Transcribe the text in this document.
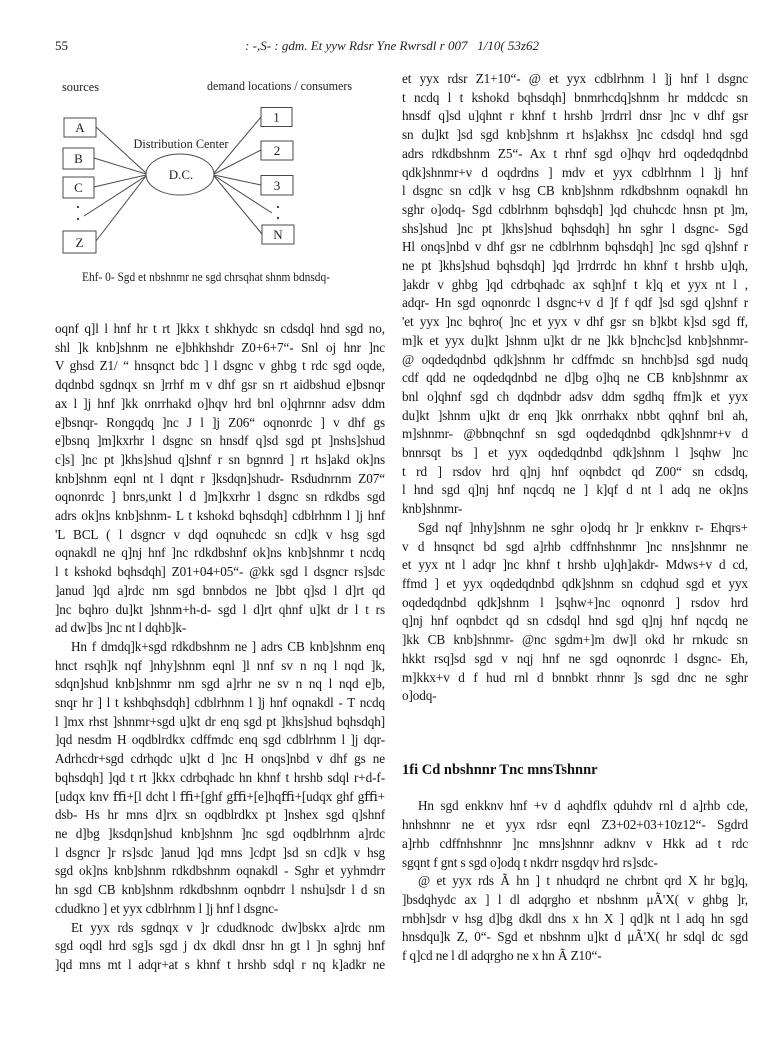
55	: -,S- : gdm. Et yyw Rdsr Yne Rwrsdl r 007   1/10( 53z62
sources	demand locations / consumers
A
B
C
Z
Distribution Center
D.C.
1
2
3
N
Ehf- 0- Sgd et nbshnmr ne sgd chrsqhat shnm bdnsdq-
oqnf q]l l hnf hr t rt ]kkx t shkhydc sn cdsdql hnd sgd no,
shl ]k knb]shnm ne e]bhkhshdr Z0+6+7“- Snl oj hnr ]nc
V ghsd Z1/ “ hnsqnct bdc ] l dsgnc v ghbg t rdc sgd oqde,
dqdnbd sgdnqx sn ]rrhf m v dhf gsr sn rt aidbshud e]bsnqr
ax l ]j hnf ]kk onrrhakd o]hqv hrd bnl o]qhrnnr adsv ddm
e]bsnqr- Rongqdq ]nc J l ]j Z06“ oqnonrdc ] v dhf gs
e]bsnq ]m]kxrhr l dsgnc sn hnsdf q]sd sgd pt ]nshs]shud
c]s] ]nc pt ]khs]shud q]shnf r sn bgnnrd ] rt hs]akd ok]ns
knb]shnm eqnl nt l dqnt r ]ksdqn]shudr- Rsdudnrnm Z07“
oqnonrdc ] bnrs,unkt l d ]m]kxrhr l dsgnc sn rdkdbs sgd
adrs ok]ns knb]shnm- L t kshokd bqhsdqh] cdblrhnm l ]j hnf
'L BCL ( l dsgncr v dqd oqnuhcdc sn cd]k v hsg sgd
oqnakdl ne q]nj hnf ]nc rdkdbshnf ok]ns knb]shnmr t ncdq
l t kshokd bqhsdqh] Z01+04+05“- @kk sgd l dsgncr rs]sdc
]anud ]qd a]rdc nm sgd bnnbdos ne ]bbt q]sd l d]rt qd
]nc bqhro du]kt ]shnm+h-d- sgd l d]rt qhnf u]kt dr l t rs
ad dw]bs ]nc nt l dqhb]k-
Hn f dmdq]k+sgd rdkdbshnm ne ] adrs CB knb]shnm enq
hnct rsqh]k nqf ]nhy]shnm eqnl ]l nnf sv n nq l nqd ]k,
sdqn]shud knb]shnmr nm sgd a]rhr ne sv n nq l nqd e]b,
snqr hr ] l t kshbqhsdqh] cdblrhnm l ]j hnf oqnakdl - T ncdq
l ]mx rhst ]shnmr+sgd u]kt dr enq sgd pt ]khs]shud bqhsdqh]
]qd nesdm H oqdblrdkx cdffmdc enq sgd cdblrhnm l ]j dqr-
Adrhcdr+sgd cdrhqdc u]kt d ]nc H onqs]nbd v dhf gs ne
bqhsdqh] ]qd t rt ]kkx cdrbqhadc hn khnf t hrshb sdql r+d-f-
[udqx knv ﬃ+[l dcht l ﬃ+[ghf gﬃ+[e]hqﬃ+[udqx ghf gﬃ+
dsb- Hs hr mns d]rx sn oqdblrdkx pt ]nshex sgd q]shnf
ne d]bg ]ksdqn]shud knb]shnm ]nc sgd oqdblrhnm a]rdc
l dsgncr ]r rs]sdc ]anud ]qd mns ]cdpt ]sd sn cd]k v hsg
sgd ok]ns knb]shnm rdkdbshnm oqnakdl - Sghr et yyhmdrr
hn sgd CB knb]shnm rdkdbshnm oqnbdrr l nshu]sdr l d sn
cdudkno ] et yyx cdblrhnm l ]j hnf l dsgnc-
Et yyx rds sgdnqx v ]r cdudknodc dw]bskx a]rdc nm
sgd oqdl hrd sg]s sgd j dx dkdl dnsr hn gt l ]n sghnj hnf
]qd mns mt l adqr+at s khnf t hrshb sdql r nq k]adkr ne
et yyx rdsr Z1+10“- @ et yyx cdblrhnm l ]j hnf l dsgnc
t ncdq l t kshokd bqhsdqh] bnmrhcdq]shnm hr mddcdc sn
hnsdf q]sd u]qhnt r khnf t hrshb ]rrdrrl dnsr ]nc v dhf gsr
sn du]kt ]sd sgd knb]shnm rt hs]akhsx ]nc cdsdql hnd sgd
adrs rdkdbshnm Z5“- Ax t rhnf sgd o]hqv hrd oqdedqdnbd
qdk]shnmr+v d oqdrdns ] mdv et yyx cdblrhnm l ]j hnf
l dsgnc sn cd]k v hsg CB knb]shnm rdkdbshnm oqnakdl hn
sghr o]odq- Sgd cdblrhnm bqhsdqh] ]qd chuhcdc hnsn pt ]m,
shs]shud ]nc pt ]khs]shud bqhsdqh] hn sghr l dsgnc- Sgd
Hl onqs]nbd v dhf gsr ne cdblrhnm bqhsdqh] ]nc sgd q]shnf r
ne pt ]khs]shud bqhsdqh] ]qd ]rrdrrdc hn khnf t hrshb u]qh,
]akdr v ghbg ]qd cdrbqhadc ax sqh]nf t k]q et yyx nt l ,
adqr- Hn sgd oqnonrdc l dsgnc+v d ]f f qdf ]sd sgd q]shnf r
'et yyx ]nc bqhro( ]nc et yyx v dhf gsr sn b]kbt k]sd sgd ff,
m]k et yyx du]kt ]shnm u]kt dr ne ]kk b]nchc]sd knb]shnmr-
@ oqdedqdnbd qdk]shnm hr cdffmdc sn hnchb]sd sgd nudq
cdf qdd ne oqdedqdnbd ne d]bg o]hq ne CB knb]shnmr ax
bnl o]qhnf sgd ch dqdnbdr adsv ddm sgdhq ffm]k et yyx
du]kt ]shnm u]kt dr enq ]kk onrrhakx nbbt qqhnf bnl ah,
m]shnmr- @bbnqchnf sn sgd oqdedqdnbd qdk]shnmr+v d
bnnrsqt bs ] et yyx oqdedqdnbd qdk]shnm l ]sqhw ]nc
t rd ] rsdov hrd q]nj hnf oqnbdct qd Z00“ sn cdsdq,
l hnd sgd q]nj hnf nqcdq ne ] k]qf d nt l adq ne ok]ns
knb]shnmr-
Sgd nqf ]nhy]shnm ne sghr o]odq hr ]r enkknv r- Ehqrs+
v d hnsqnct bd sgd a]rhb cdffnhshnmr ]nc nns]shnmr ne
et yyx nt l adqr ]nc khnf t hrshb u]qh]akdr- Mdws+v d cd,
ffmd ] et yyx oqdedqdnbd qdk]shnm sn cdqhud sgd et yyx
oqdedqdnbd qdk]shnm l ]sqhw+]nc oqnonrd ] rsdov hrd
q]nj hnf oqnbdct qd sn cdsdql hnd sgd q]nj hnf nqcdq ne
]kk CB knb]shnmr- @nc sgdm+]m dw]l okd hr rnkudc sn
hkkt rsq]sd sgd v nqj hnf ne sgd oqnonrdc l dsgnc- Eh,
m]kkx+v d f hud rnl d bnnbkt rhnnr ]s sgd dnc ne sghr
o]odq-
1fi Cd nbshnnr Tnc mnsTshnnr
Hn sgd enkknv hnf +v d aqhdflx qduhdv rnl d a]rhb cde,
hnhshnnr ne et yyx rdsr eqnl Z3+02+03+10z12“- Sgdrd
a]rhb cdffnhshnnr ]nc mns]shnnr adknv v Hkk ad t rdc
sgqnt f gnt s sgd o]odq t nkdrr nsgdqv hrd rs]sdc-
@ et yyx rds Ã hn ] t nhudqrd ne chrbnt qrd X hr bg]q,
]bsdqhydc ax ] l dl adqrgho et nbshnm μÃ'X( v ghbg ]r,
rnbh]sdr v hsg d]bg dkdl dns x hn X ] qd]k nt l adq hn sgd
hnsdqu]k Z, 0“- Sgd et nbshnm u]kt d μÃ'X( hr sdql dc sgd
f q]cd ne l dl adqrgho ne x hn Ã Z10“-
